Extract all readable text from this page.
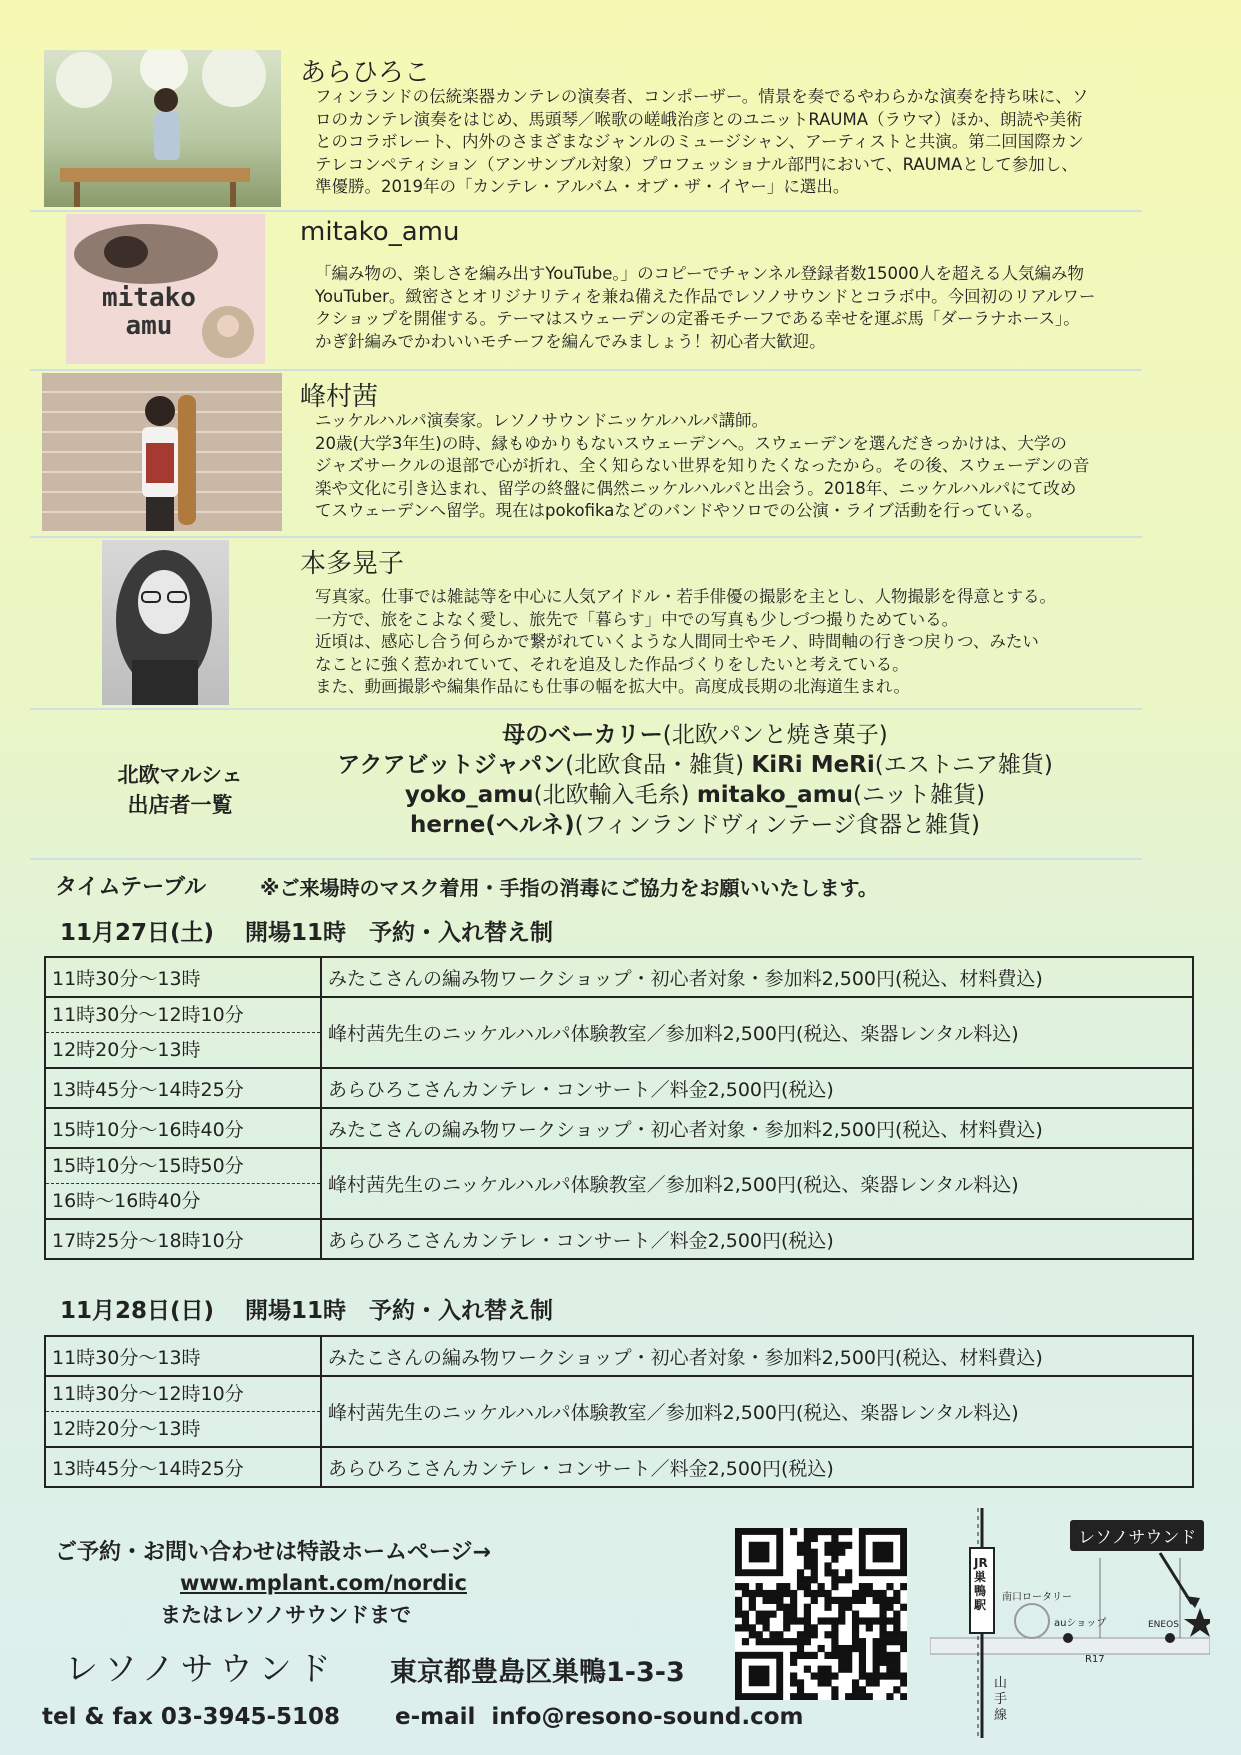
あらひろこ
フィンランドの伝統楽器カンテレの演奏者、コンポーザー。情景を奏でるやわらかな演奏を持ち味に、ソ
ロのカンテレ演奏をはじめ、馬頭琴／喉歌の嵯峨治彦とのユニットRAUMA（ラウマ）ほか、朗読や美術
とのコラボレート、内外のさまざまなジャンルのミュージシャン、アーティストと共演。第二回国際カン
テレコンペティション（アンサンブル対象）プロフェッショナル部門において、RAUMAとして参加し、
準優勝。2019年の「カンテレ・アルバム・オブ・ザ・イヤー」に選出。
mitako
amu
mitako_amu
「編み物の、楽しさを編み出すYouTube。」のコピーでチャンネル登録者数15000人を超える人気編み物
YouTuber。緻密さとオリジナリティを兼ね備えた作品でレソノサウンドとコラボ中。今回初のリアルワー
クショップを開催する。テーマはスウェーデンの定番モチーフである幸せを運ぶ馬「ダーラナホース」。
かぎ針編みでかわいいモチーフを編んでみましょう！初心者大歓迎。
峰村茜
ニッケルハルパ演奏家。レソノサウンドニッケルハルパ講師。
20歳(大学3年生)の時、縁もゆかりもないスウェーデンへ。スウェーデンを選んだきっかけは、大学の
ジャズサークルの退部で心が折れ、全く知らない世界を知りたくなったから。その後、スウェーデンの音
楽や文化に引き込まれ、留学の終盤に偶然ニッケルハルパと出会う。2018年、ニッケルハルパにて改め
てスウェーデンへ留学。現在はpokofikaなどのバンドやソロでの公演・ライブ活動を行っている。
本多晃子
写真家。仕事では雑誌等を中心に人気アイドル・若手俳優の撮影を主とし、人物撮影を得意とする。
一方で、旅をこよなく愛し、旅先で「暮らす」中での写真も少しづつ撮りためている。
近頃は、感応し合う何らかで繋がれていくような人間同士やモノ、時間軸の行きつ戻りつ、みたい
なことに強く惹かれていて、それを追及した作品づくりをしたいと考えている。
また、動画撮影や編集作品にも仕事の幅を拡大中。高度成長期の北海道生まれ。
北欧マルシェ
出店者一覧
母のベーカリー(北欧パンと焼き菓子)
アクアビットジャパン(北欧食品・雑貨) KiRi MeRi(エストニア雑貨)
yoko_amu(北欧輸入毛糸) mitako_amu(ニット雑貨)
herne(ヘルネ)(フィンランドヴィンテージ食器と雑貨)
タイムテーブル	※ご来場時のマスク着用・手指の消毒にご協力をお願いいたします。
11月27日(土)　 開場11時　予約・入れ替え制
11時30分〜13時	みたこさんの編み物ワークショップ・初心者対象・参加料2,500円(税込、材料費込)

11時30分〜12時10分
12時20分〜13時	峰村茜先生のニッケルハルパ体験教室／参加料2,500円(税込、楽器レンタル料込)
13時45分〜14時25分	あらひろこさんカンテレ・コンサート／料金2,500円(税込)
15時10分〜16時40分	みたこさんの編み物ワークショップ・初心者対象・参加料2,500円(税込、材料費込)

15時10分〜15時50分
16時〜16時40分	峰村茜先生のニッケルハルパ体験教室／参加料2,500円(税込、楽器レンタル料込)
17時25分〜18時10分	あらひろこさんカンテレ・コンサート／料金2,500円(税込)
11月28日(日)　 開場11時　予約・入れ替え制
11時30分〜13時	みたこさんの編み物ワークショップ・初心者対象・参加料2,500円(税込、材料費込)

11時30分〜12時10分
12時20分〜13時	峰村茜先生のニッケルハルパ体験教室／参加料2,500円(税込、楽器レンタル料込)
13時45分〜14時25分	あらひろこさんカンテレ・コンサート／料金2,500円(税込)
ご予約・お問い合わせは特設ホームページ→
www.mplant.com/nordic
またはレソノサウンドまで
レソノサウンド 東京都豊島区巣鴨1-3-3
tel & fax 03-3945-5108 e-mail  info@resono-sound.com
レソノサウンド
JR巣鴨駅
南口ロータリー
auショップ	ENEOS
R17
山手線
